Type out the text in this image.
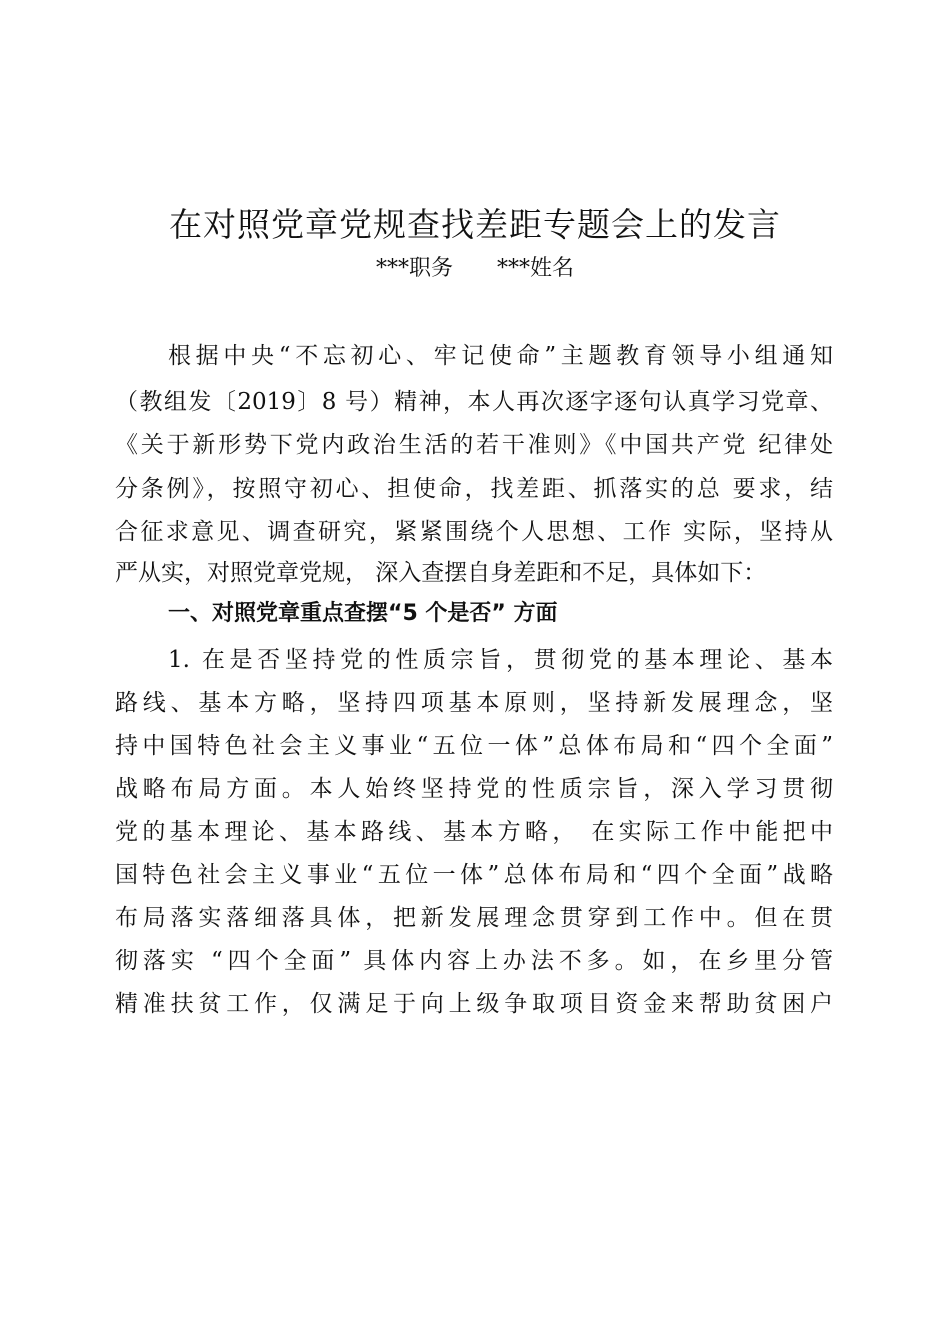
在对照党章党规查找差距专题会上的发言
***职务 ***姓名
根据中央“不忘初心、牢记使命”主题教育领导小组通知
（教组发〔2019〕8 号）精神，本人再次逐字逐句认真学习党章、
《关于新形势下党内政治生活的若干准则》《中国共产党 纪律处
分条例》，按照守初心、担使命，找差距、抓落实的总 要求，结
合征求意见、调查研究，紧紧围绕个人思想、工作 实际，坚持从
严从实，对照党章党规， 深入查摆自身差距和不足，具体如下：
一、对照党章重点查摆“5 个是否” 方面
1. 在是否坚持党的性质宗旨，贯彻党的基本理论、基本
路线、基本方略，坚持四项基本原则，坚持新发展理念，坚
持中国特色社会主义事业“五位一体”总体布局和“四个全面”
战略布局方面。本人始终坚持党的性质宗旨，深入学习贯彻
党的基本理论、基本路线、基本方略， 在实际工作中能把中
国特色社会主义事业“五位一体”总体布局和“四个全面”战略
布局落实落细落具体，把新发展理念贯穿到工作中。但在贯
彻落实 “四个全面” 具体内容上办法不多。如，在乡里分管
精准扶贫工作，仅满足于向上级争取项目资金来帮助贫困户
